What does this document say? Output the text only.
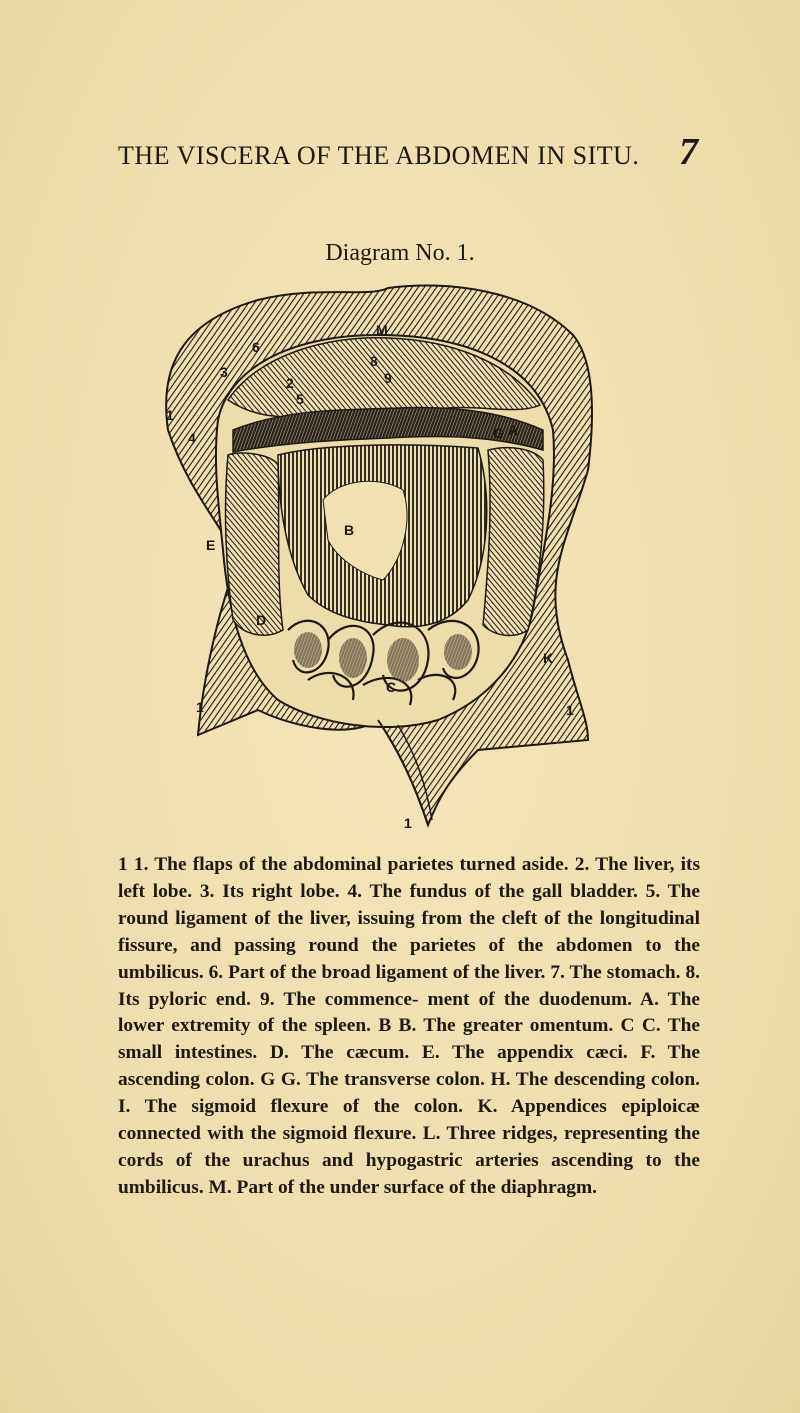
THE VISCERA OF THE ABDOMEN IN SITU. 7
Diagram No. 1.
M
6
3
8
9
2
5
G A
4
B
E
D
C
K
1
1	1
1
1 1. The flaps of the abdominal parietes turned aside. 2. The liver, its left lobe. 3. Its right lobe. 4. The fundus of the gall bladder. 5. The round ligament of the liver, issuing from the cleft of the longitudinal fissure, and passing round the parietes of the abdomen to the umbilicus. 6. Part of the broad ligament of the liver. 7. The stomach. 8. Its pyloric end. 9. The commence- ment of the duodenum. A. The lower extremity of the spleen. B B. The greater omentum. C C. The small intestines. D. The cæcum. E. The appendix cæci. F. The ascending colon. G G. The transverse colon. H. The descending colon. I. The sigmoid flexure of the colon. K. Appendices epiploicæ connected with the sigmoid flexure. L. Three ridges, representing the cords of the urachus and hypogastric arteries ascending to the umbilicus. M. Part of the under surface of the diaphragm.
